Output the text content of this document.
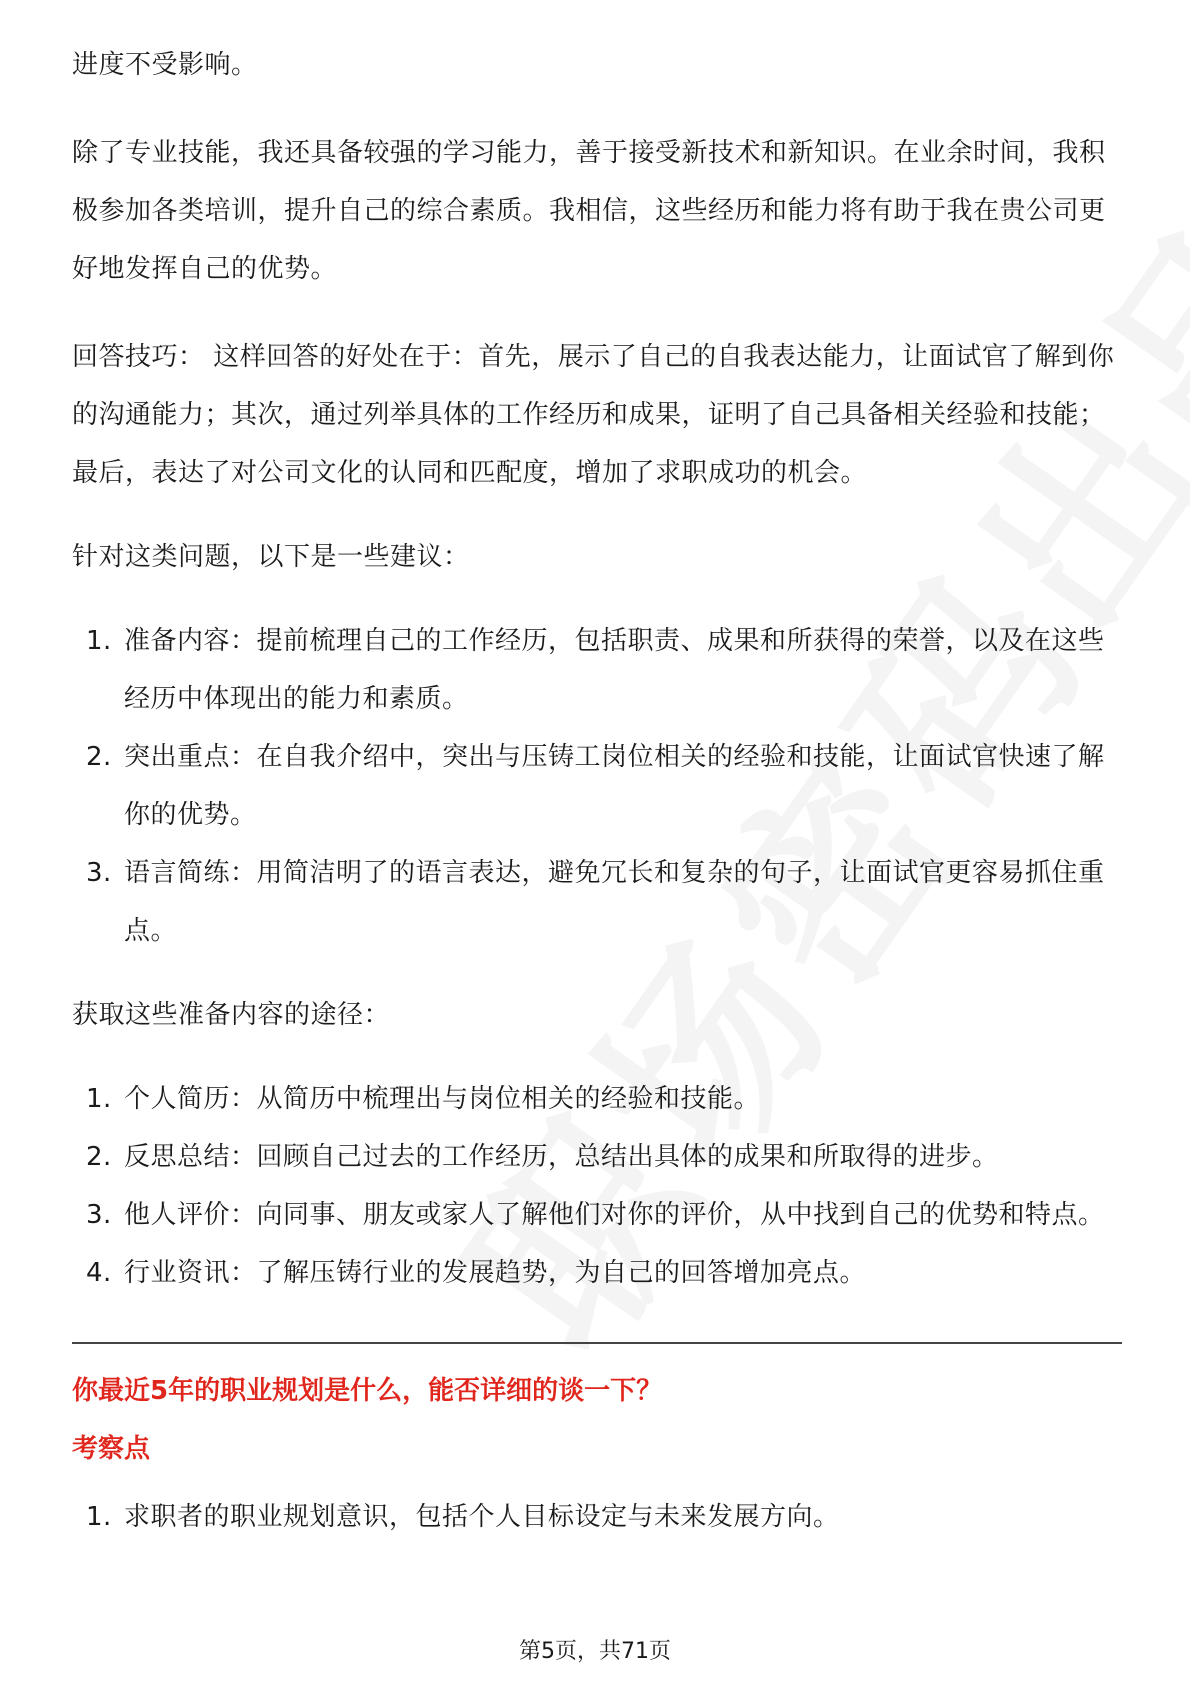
进度不受影响。

除了专业技能，我还具备较强的学习能力，善于接受新技术和新知识。在业余时间，我积极参加各类培训，提升自己的综合素质。我相信，这些经历和能力将有助于我在贵公司更好地发挥自己的优势。

回答技巧： 这样回答的好处在于：首先，展示了自己的自我表达能力，让面试官了解到你的沟通能力；其次，通过列举具体的工作经历和成果，证明了自己具备相关经验和技能；最后，表达了对公司文化的认同和匹配度，增加了求职成功的机会。

针对这类问题，以下是一些建议：

1. 准备内容：提前梳理自己的工作经历，包括职责、成果和所获得的荣誉，以及在这些经历中体现出的能力和素质。
2. 突出重点：在自我介绍中，突出与压铸工岗位相关的经验和技能，让面试官快速了解你的优势。
3. 语言简练：用简洁明了的语言表达，避免冗长和复杂的句子，让面试官更容易抓住重点。

获取这些准备内容的途径：

1. 个人简历：从简历中梳理出与岗位相关的经验和技能。
2. 反思总结：回顾自己过去的工作经历，总结出具体的成果和所取得的进步。
3. 他人评价：向同事、朋友或家人了解他们对你的评价，从中找到自己的优势和特点。
4. 行业资讯：了解压铸行业的发展趋势，为自己的回答增加亮点。
你最近5年的职业规划是什么，能否详细的谈一下？
考察点
1. 求职者的职业规划意识，包括个人目标设定与未来发展方向。
第5页，共71页
